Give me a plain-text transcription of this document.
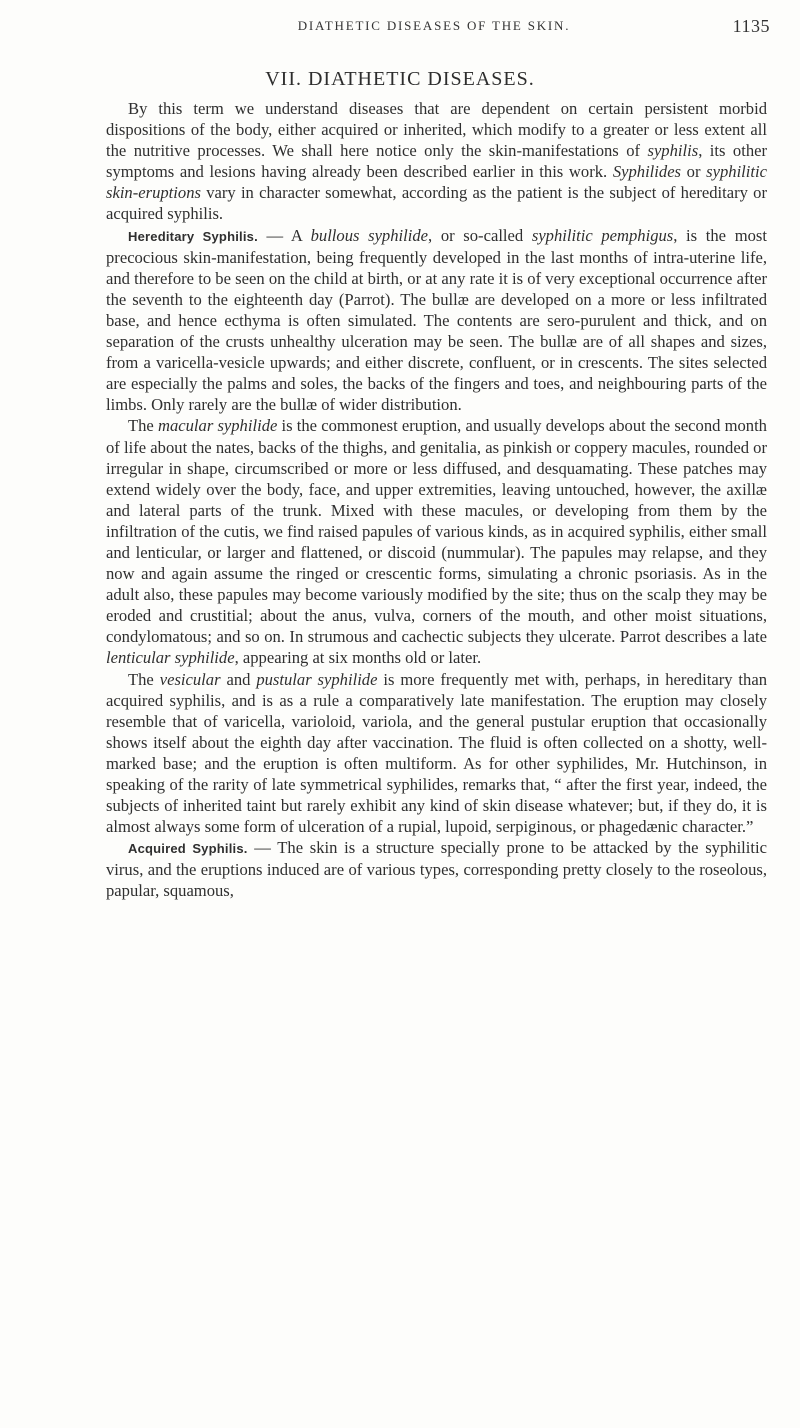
DIATHETIC DISEASES OF THE SKIN.	1135
VII. DIATHETIC DISEASES.

By this term we understand diseases that are dependent on certain persistent morbid dispositions of the body, either acquired or inherited, which modify to a greater or less extent all the nutritive processes. We shall here notice only the skin-manifestations of syphilis, its other symptoms and lesions having already been described earlier in this work. Syphilides or syphilitic skin-eruptions vary in character somewhat, according as the patient is the subject of hereditary or acquired syphilis.

Hereditary Syphilis. — A bullous syphilide, or so-called syphilitic pemphigus, is the most precocious skin-manifestation, being frequently developed in the last months of intra-uterine life, and therefore to be seen on the child at birth, or at any rate it is of very exceptional occurrence after the seventh to the eighteenth day (Parrot). The bullæ are developed on a more or less infiltrated base, and hence ecthyma is often simulated. The contents are sero-purulent and thick, and on separation of the crusts unhealthy ulceration may be seen. The bullæ are of all shapes and sizes, from a varicella-vesicle upwards; and either discrete, confluent, or in crescents. The sites selected are especially the palms and soles, the backs of the fingers and toes, and neighbouring parts of the limbs. Only rarely are the bullæ of wider distribution.

The macular syphilide is the commonest eruption, and usually develops about the second month of life about the nates, backs of the thighs, and genitalia, as pinkish or coppery macules, rounded or irregular in shape, circumscribed or more or less diffused, and desquamating. These patches may extend widely over the body, face, and upper extremities, leaving untouched, however, the axillæ and lateral parts of the trunk. Mixed with these macules, or developing from them by the infiltration of the cutis, we find raised papules of various kinds, as in acquired syphilis, either small and lenticular, or larger and flattened, or discoid (nummular). The papules may relapse, and they now and again assume the ringed or crescentic forms, simulating a chronic psoriasis. As in the adult also, these papules may become variously modified by the site; thus on the scalp they may be eroded and crustitial; about the anus, vulva, corners of the mouth, and other moist situations, condylomatous; and so on. In strumous and cachectic subjects they ulcerate. Parrot describes a late lenticular syphilide, appearing at six months old or later.

The vesicular and pustular syphilide is more frequently met with, perhaps, in hereditary than acquired syphilis, and is as a rule a comparatively late manifestation. The eruption may closely resemble that of varicella, varioloid, variola, and the general pustular eruption that occasionally shows itself about the eighth day after vaccination. The fluid is often collected on a shotty, well-marked base; and the eruption is often multiform. As for other syphilides, Mr. Hutchinson, in speaking of the rarity of late symmetrical syphilides, remarks that, “ after the first year, indeed, the subjects of inherited taint but rarely exhibit any kind of skin disease whatever; but, if they do, it is almost always some form of ulceration of a rupial, lupoid, serpiginous, or phagedænic character.”

Acquired Syphilis. — The skin is a structure specially prone to be attacked by the syphilitic virus, and the eruptions induced are of various types, corresponding pretty closely to the roseolous, papular, squamous,
